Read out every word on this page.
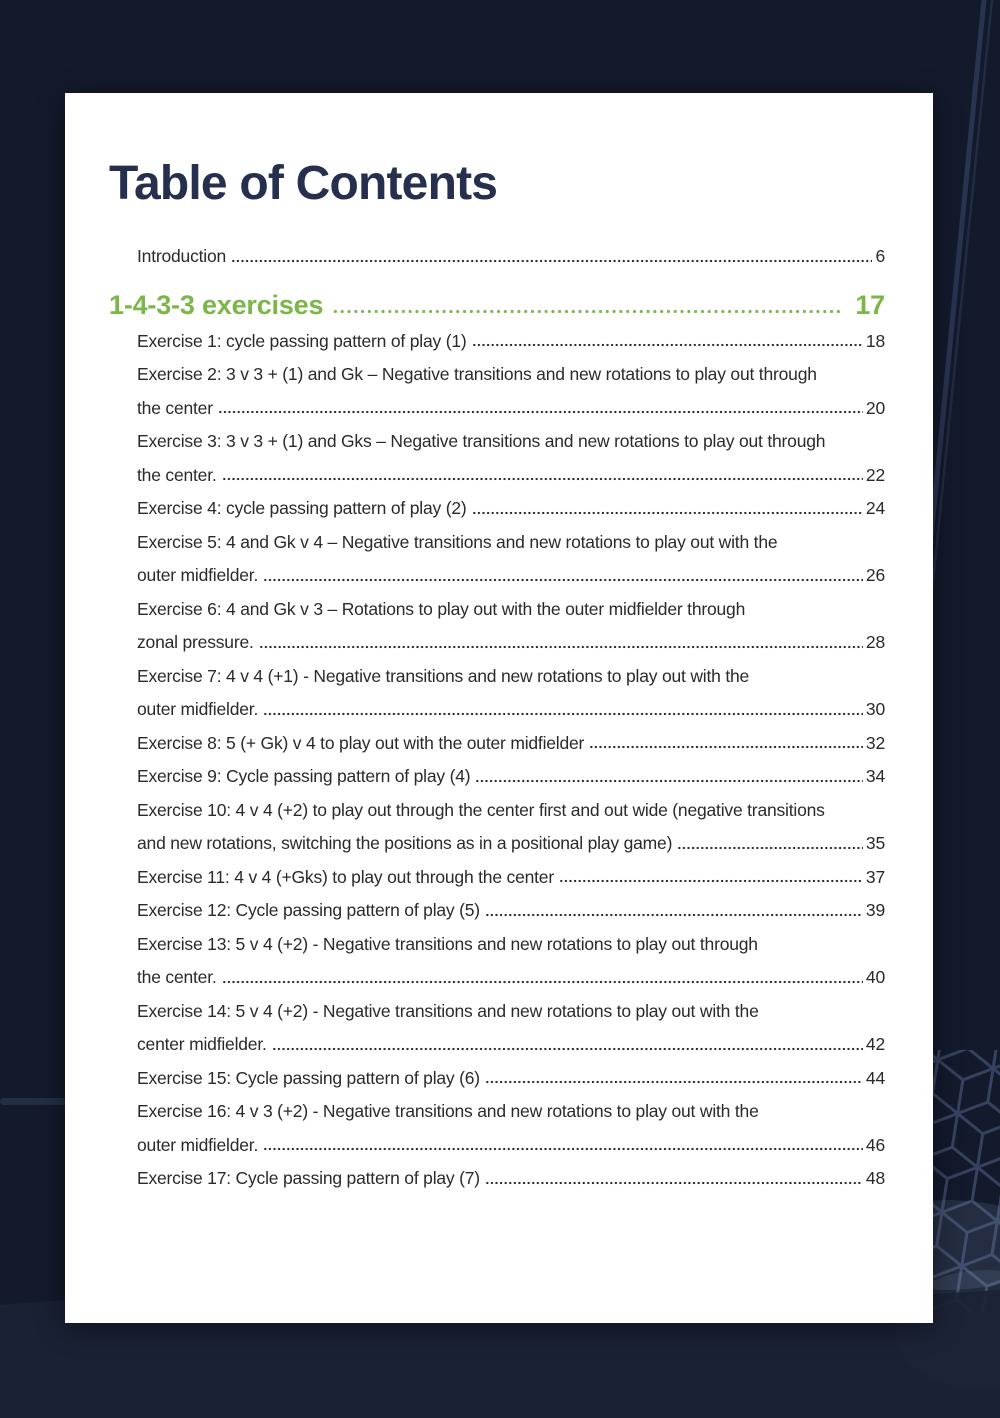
Table of Contents
Introduction	6
1-4-3-3 exercises	17
Exercise 1: cycle passing pattern of play (1)	18
Exercise 2: 3 v 3 + (1) and Gk – Negative transitions and new rotations to play out through
the center	20
Exercise 3: 3 v 3 + (1) and Gks – Negative transitions and new rotations to play out through
the center.	22
Exercise 4: cycle passing pattern of play (2)	24
Exercise 5: 4 and Gk v 4 – Negative transitions and new rotations to play out with the
outer midfielder.	26
Exercise 6: 4 and Gk v 3 – Rotations to play out with the outer midfielder through
zonal pressure.	28
Exercise 7: 4 v 4 (+1) - Negative transitions and new rotations to play out with the
outer midfielder.	30
Exercise 8: 5 (+ Gk) v 4 to play out with the outer midfielder	32
Exercise 9: Cycle passing pattern of play (4)	34
Exercise 10: 4 v 4 (+2) to play out through the center first and out wide (negative transitions
and new rotations, switching the positions as in a positional play game)	35
Exercise 11: 4 v 4 (+Gks) to play out through the center	37
Exercise 12: Cycle passing pattern of play (5)	39
Exercise 13: 5 v 4 (+2) - Negative transitions and new rotations to play out through
the center.	40
Exercise 14: 5 v 4 (+2) - Negative transitions and new rotations to play out with the
center midfielder.	42
Exercise 15: Cycle passing pattern of play (6)	44
Exercise 16: 4 v 3 (+2) - Negative transitions and new rotations to play out with the
outer midfielder.	46
Exercise 17: Cycle passing pattern of play (7)	48
